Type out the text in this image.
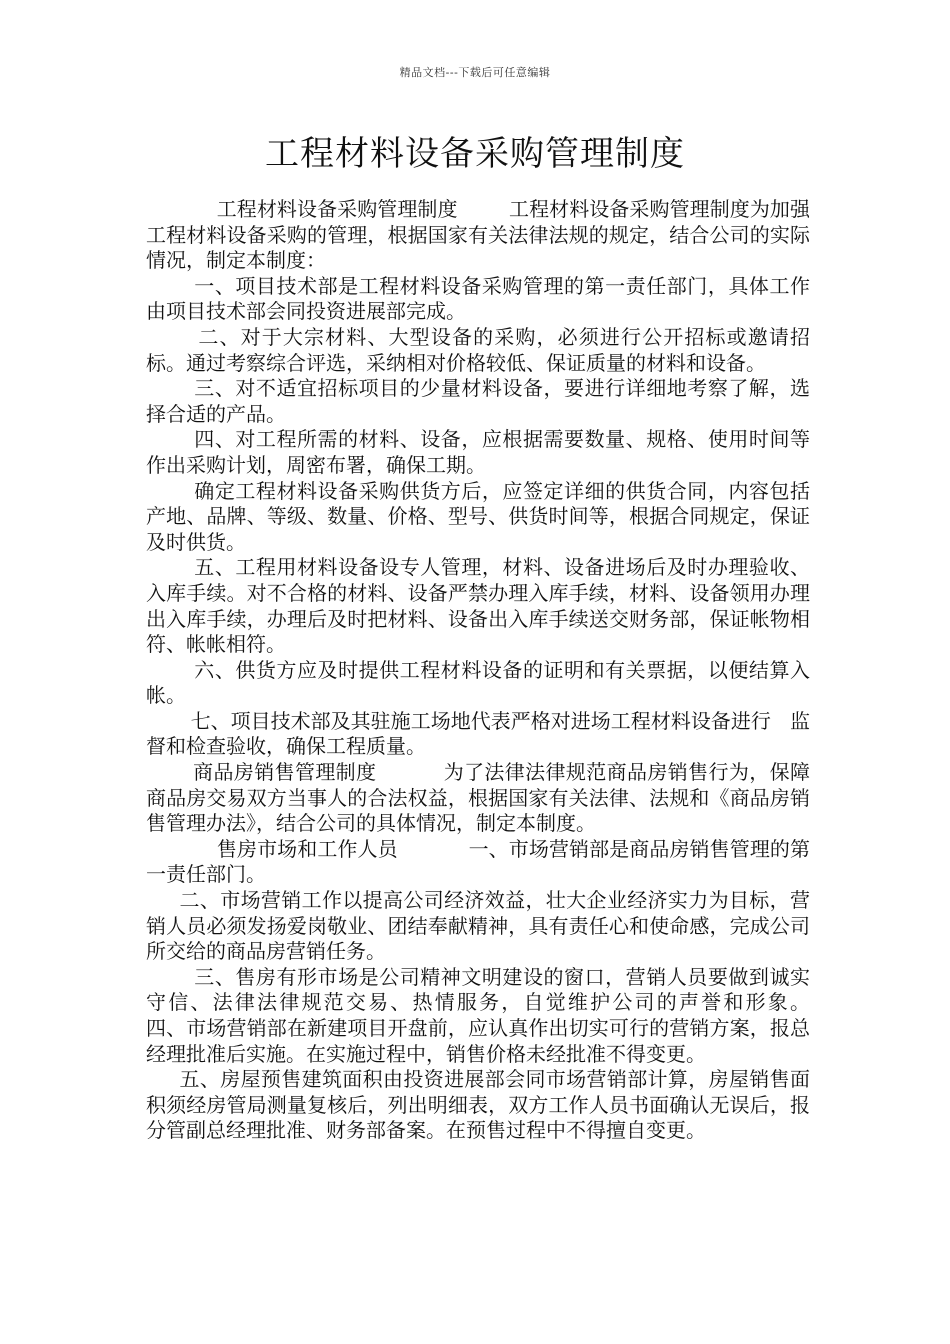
精品文档---下载后可任意编辑
工程材料设备采购管理制度

工程材料设备采购管理制度        工程材料设备采购管理制度为加强工程材料设备采购的管理，根据国家有关法律法规的规定，结合公司的实际情况，制定本制度：

一、项目技术部是工程材料设备采购管理的第一责任部门，具体工作由项目技术部会同投资进展部完成。

二、对于大宗材料、大型设备的采购，必须进行公开招标或邀请招标。通过考察综合评选，采纳相对价格较低、保证质量的材料和设备。

三、对不适宜招标项目的少量材料设备，要进行详细地考察了解，选择合适的产品。

四、对工程所需的材料、设备，应根据需要数量、规格、使用时间等作出采购计划，周密布署，确保工期。

确定工程材料设备采购供货方后，应签定详细的供货合同，内容包括产地、品牌、等级、数量、价格、型号、供货时间等，根据合同规定，保证及时供货。

五、工程用材料设备设专人管理，材料、设备进场后及时办理验收、入库手续。对不合格的材料、设备严禁办理入库手续，材料、设备领用办理出入库手续，办理后及时把材料、设备出入库手续送交财务部，保证帐物相符、帐帐相符。

六、供货方应及时提供工程材料设备的证明和有关票据，以便结算入帐。

七、项目技术部及其驻施工场地代表严格对进场工程材料设备进行   监督和检查验收，确保工程质量。

商品房销售管理制度          为了法律法律规范商品房销售行为，保障商品房交易双方当事人的合法权益，根据国家有关法律、法规和《商品房销售管理办法》，结合公司的具体情况，制定本制度。

售房市场和工作人员           一、市场营销部是商品房销售管理的第一责任部门。

二、市场营销工作以提高公司经济效益，壮大企业经济实力为目标，营销人员必须发扬爱岗敬业、团结奉献精神，具有责任心和使命感，完成公司所交给的商品房营销任务。

三、售房有形市场是公司精神文明建设的窗口，营销人员要做到诚实守信、法律法律规范交易、热情服务，自觉维护公司的声誉和形象。                    四、市场营销部在新建项目开盘前，应认真作出切实可行的营销方案，报总经理批准后实施。在实施过程中，销售价格未经批准不得变更。

五、房屋预售建筑面积由投资进展部会同市场营销部计算，房屋销售面积须经房管局测量复核后，列出明细表，双方工作人员书面确认无误后，报分管副总经理批准、财务部备案。在预售过程中不得擅自变更。
